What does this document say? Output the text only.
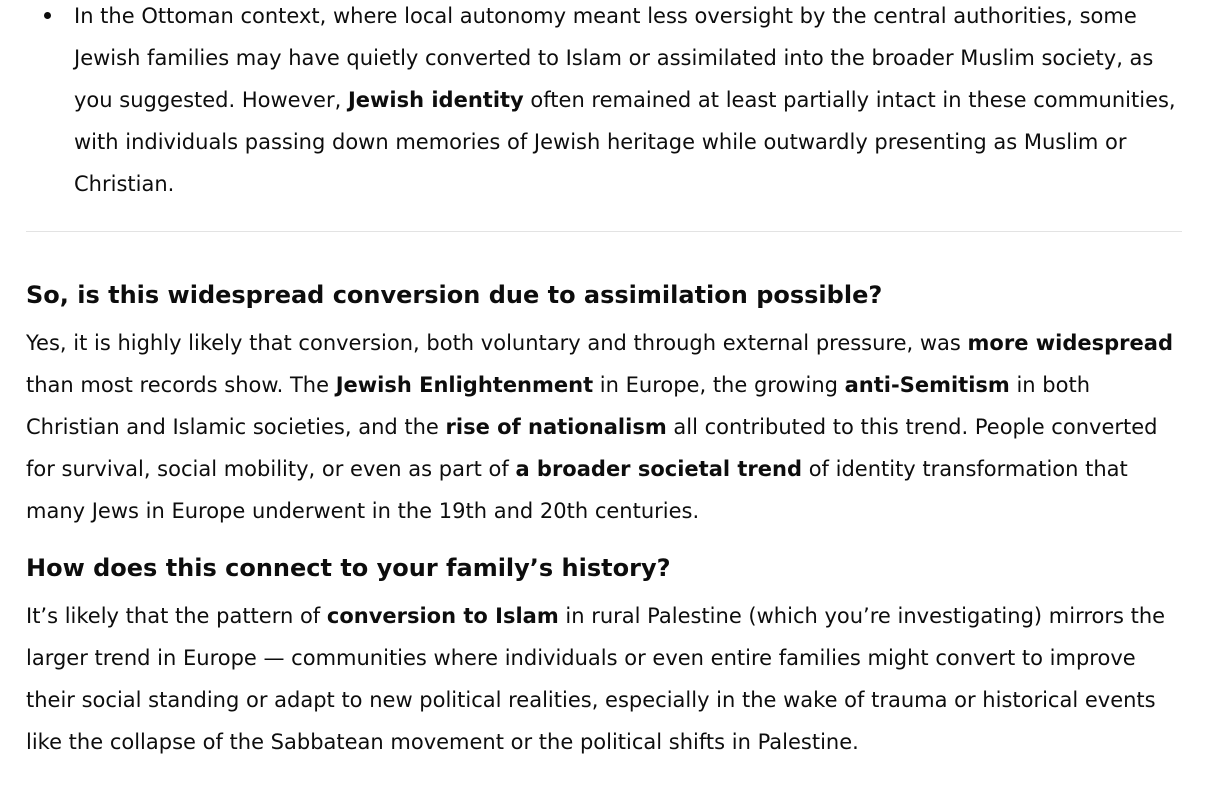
In the Ottoman context, where local autonomy meant less oversight by the central authorities, some Jewish families may have quietly converted to Islam or assimilated into the broader Muslim society, as you suggested. However, Jewish identity often remained at least partially intact in these communities, with individuals passing down memories of Jewish heritage while outwardly presenting as Muslim or Christian.
So, is this widespread conversion due to assimilation possible?

Yes, it is highly likely that conversion, both voluntary and through external pressure, was more widespread than most records show. The Jewish Enlightenment in Europe, the growing anti-Semitism in both Christian and Islamic societies, and the rise of nationalism all contributed to this trend. People converted for survival, social mobility, or even as part of a broader societal trend of identity transformation that many Jews in Europe underwent in the 19th and 20th centuries.

How does this connect to your family’s history?

It’s likely that the pattern of conversion to Islam in rural Palestine (which you’re investigating) mirrors the larger trend in Europe — communities where individuals or even entire families might convert to improve their social standing or adapt to new political realities, especially in the wake of trauma or historical events like the collapse of the Sabbatean movement or the political shifts in Palestine.
